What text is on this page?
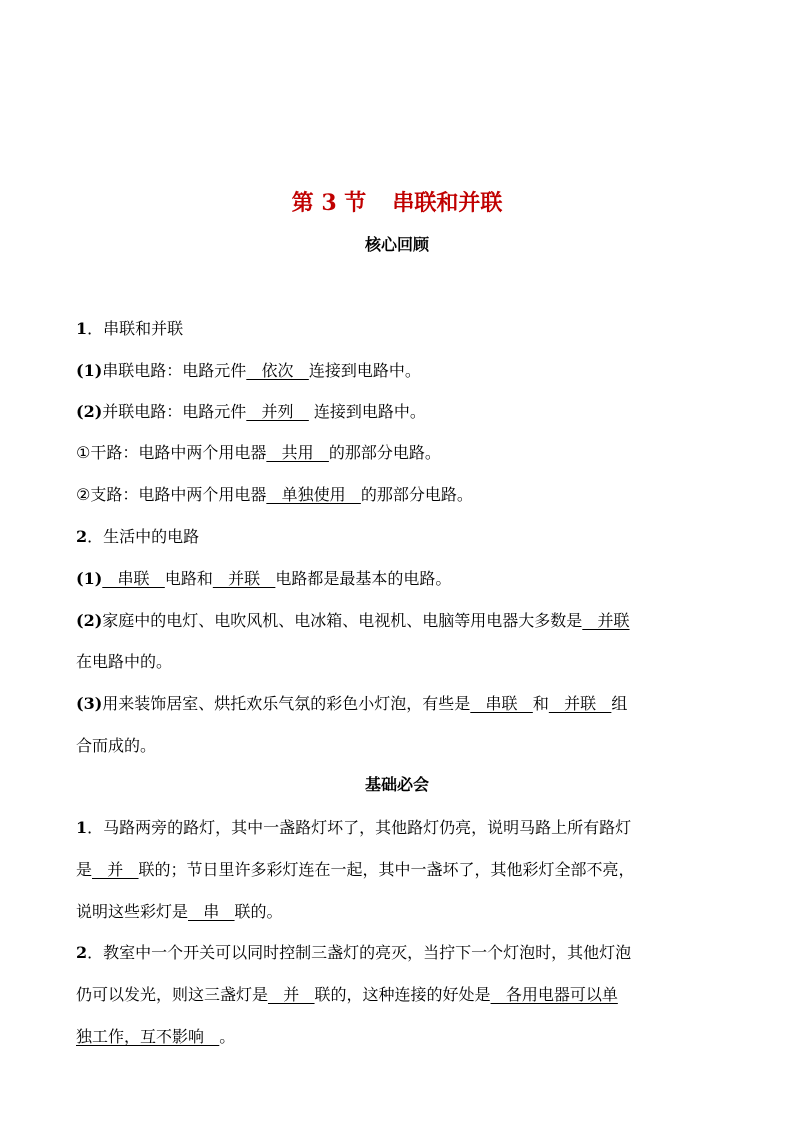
第 3 节 串联和并联
核心回顾
1．串联和并联
(1)串联电路：电路元件   依次   连接到电路中。
(2)并联电路：电路元件   并列    连接到电路中。
①干路：电路中两个用电器   共用   的那部分电路。
②支路：电路中两个用电器   单独使用   的那部分电路。
2．生活中的电路
(1)   串联   电路和   并联   电路都是最基本的电路。
(2)家庭中的电灯、电吹风机、电冰箱、电视机、电脑等用电器大多数是   并联
在电路中的。
(3)用来装饰居室、烘托欢乐气氛的彩色小灯泡，有些是   串联   和   并联   组
合而成的。
基础必会
1．马路两旁的路灯，其中一盏路灯坏了，其他路灯仍亮，说明马路上所有路灯
是   并   联的；节日里许多彩灯连在一起，其中一盏坏了，其他彩灯全部不亮，
说明这些彩灯是   串   联的。
2．教室中一个开关可以同时控制三盏灯的亮灭，当拧下一个灯泡时，其他灯泡
仍可以发光，则这三盏灯是   并   联的，这种连接的好处是   各用电器可以单
独工作，互不影响   。
